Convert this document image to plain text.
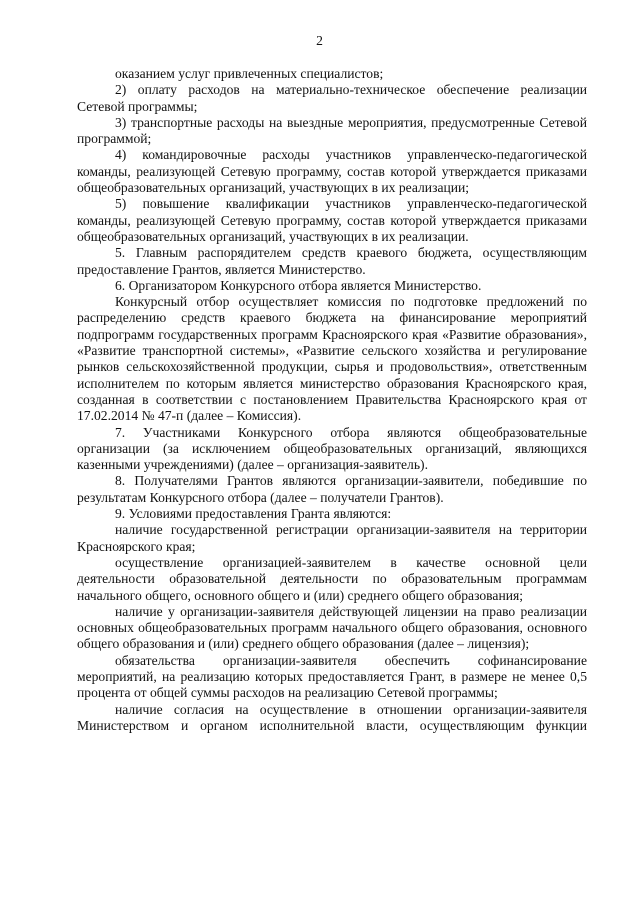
2

оказанием услуг привлеченных специалистов;

2) оплату расходов на материально-техническое обеспечение реализации Сетевой программы;

3) транспортные расходы на выездные мероприятия, предусмотренные Сетевой программой;

4) командировочные расходы участников управленческо-педагогической команды, реализующей Сетевую программу, состав которой утверждается приказами общеобразовательных организаций, участвующих в их реализации;

5) повышение квалификации участников управленческо-педагогической команды, реализующей Сетевую программу, состав которой утверждается приказами общеобразовательных организаций, участвующих в их реализации.

5. Главным распорядителем средств краевого бюджета, осуществляющим предоставление Грантов, является Министерство.

6. Организатором Конкурсного отбора является Министерство.

Конкурсный отбор осуществляет комиссия по подготовке предложений по распределению средств краевого бюджета на финансирование мероприятий подпрограмм государственных программ Красноярского края «Развитие образования», «Развитие транспортной системы», «Развитие сельского хозяйства и регулирование рынков сельскохозяйственной продукции, сырья и продовольствия», ответственным исполнителем по которым является министерство образования Красноярского края, созданная в соответствии с постановлением Правительства Красноярского края от 17.02.2014 № 47-п (далее – Комиссия).

7. Участниками Конкурсного отбора являются общеобразовательные организации (за исключением общеобразовательных организаций, являющихся казенными учреждениями) (далее – организация-заявитель).

8. Получателями Грантов являются организации-заявители, победившие по результатам Конкурсного отбора (далее – получатели Грантов).

9. Условиями предоставления Гранта являются:

наличие государственной регистрации организации-заявителя на территории Красноярского края;

осуществление организацией-заявителем в качестве основной цели деятельности образовательной деятельности по образовательным программам начального общего, основного общего и (или) среднего общего образования;

наличие у организации-заявителя действующей лицензии на право реализации основных общеобразовательных программ начального общего образования, основного общего образования и (или) среднего общего образования (далее – лицензия);

обязательства организации-заявителя обеспечить софинансирование мероприятий, на реализацию которых предоставляется Грант, в размере не менее 0,5 процента от общей суммы расходов на реализацию Сетевой программы;

наличие согласия на осуществление в отношении организации-заявителя Министерством и органом исполнительной власти, осуществляющим функции
